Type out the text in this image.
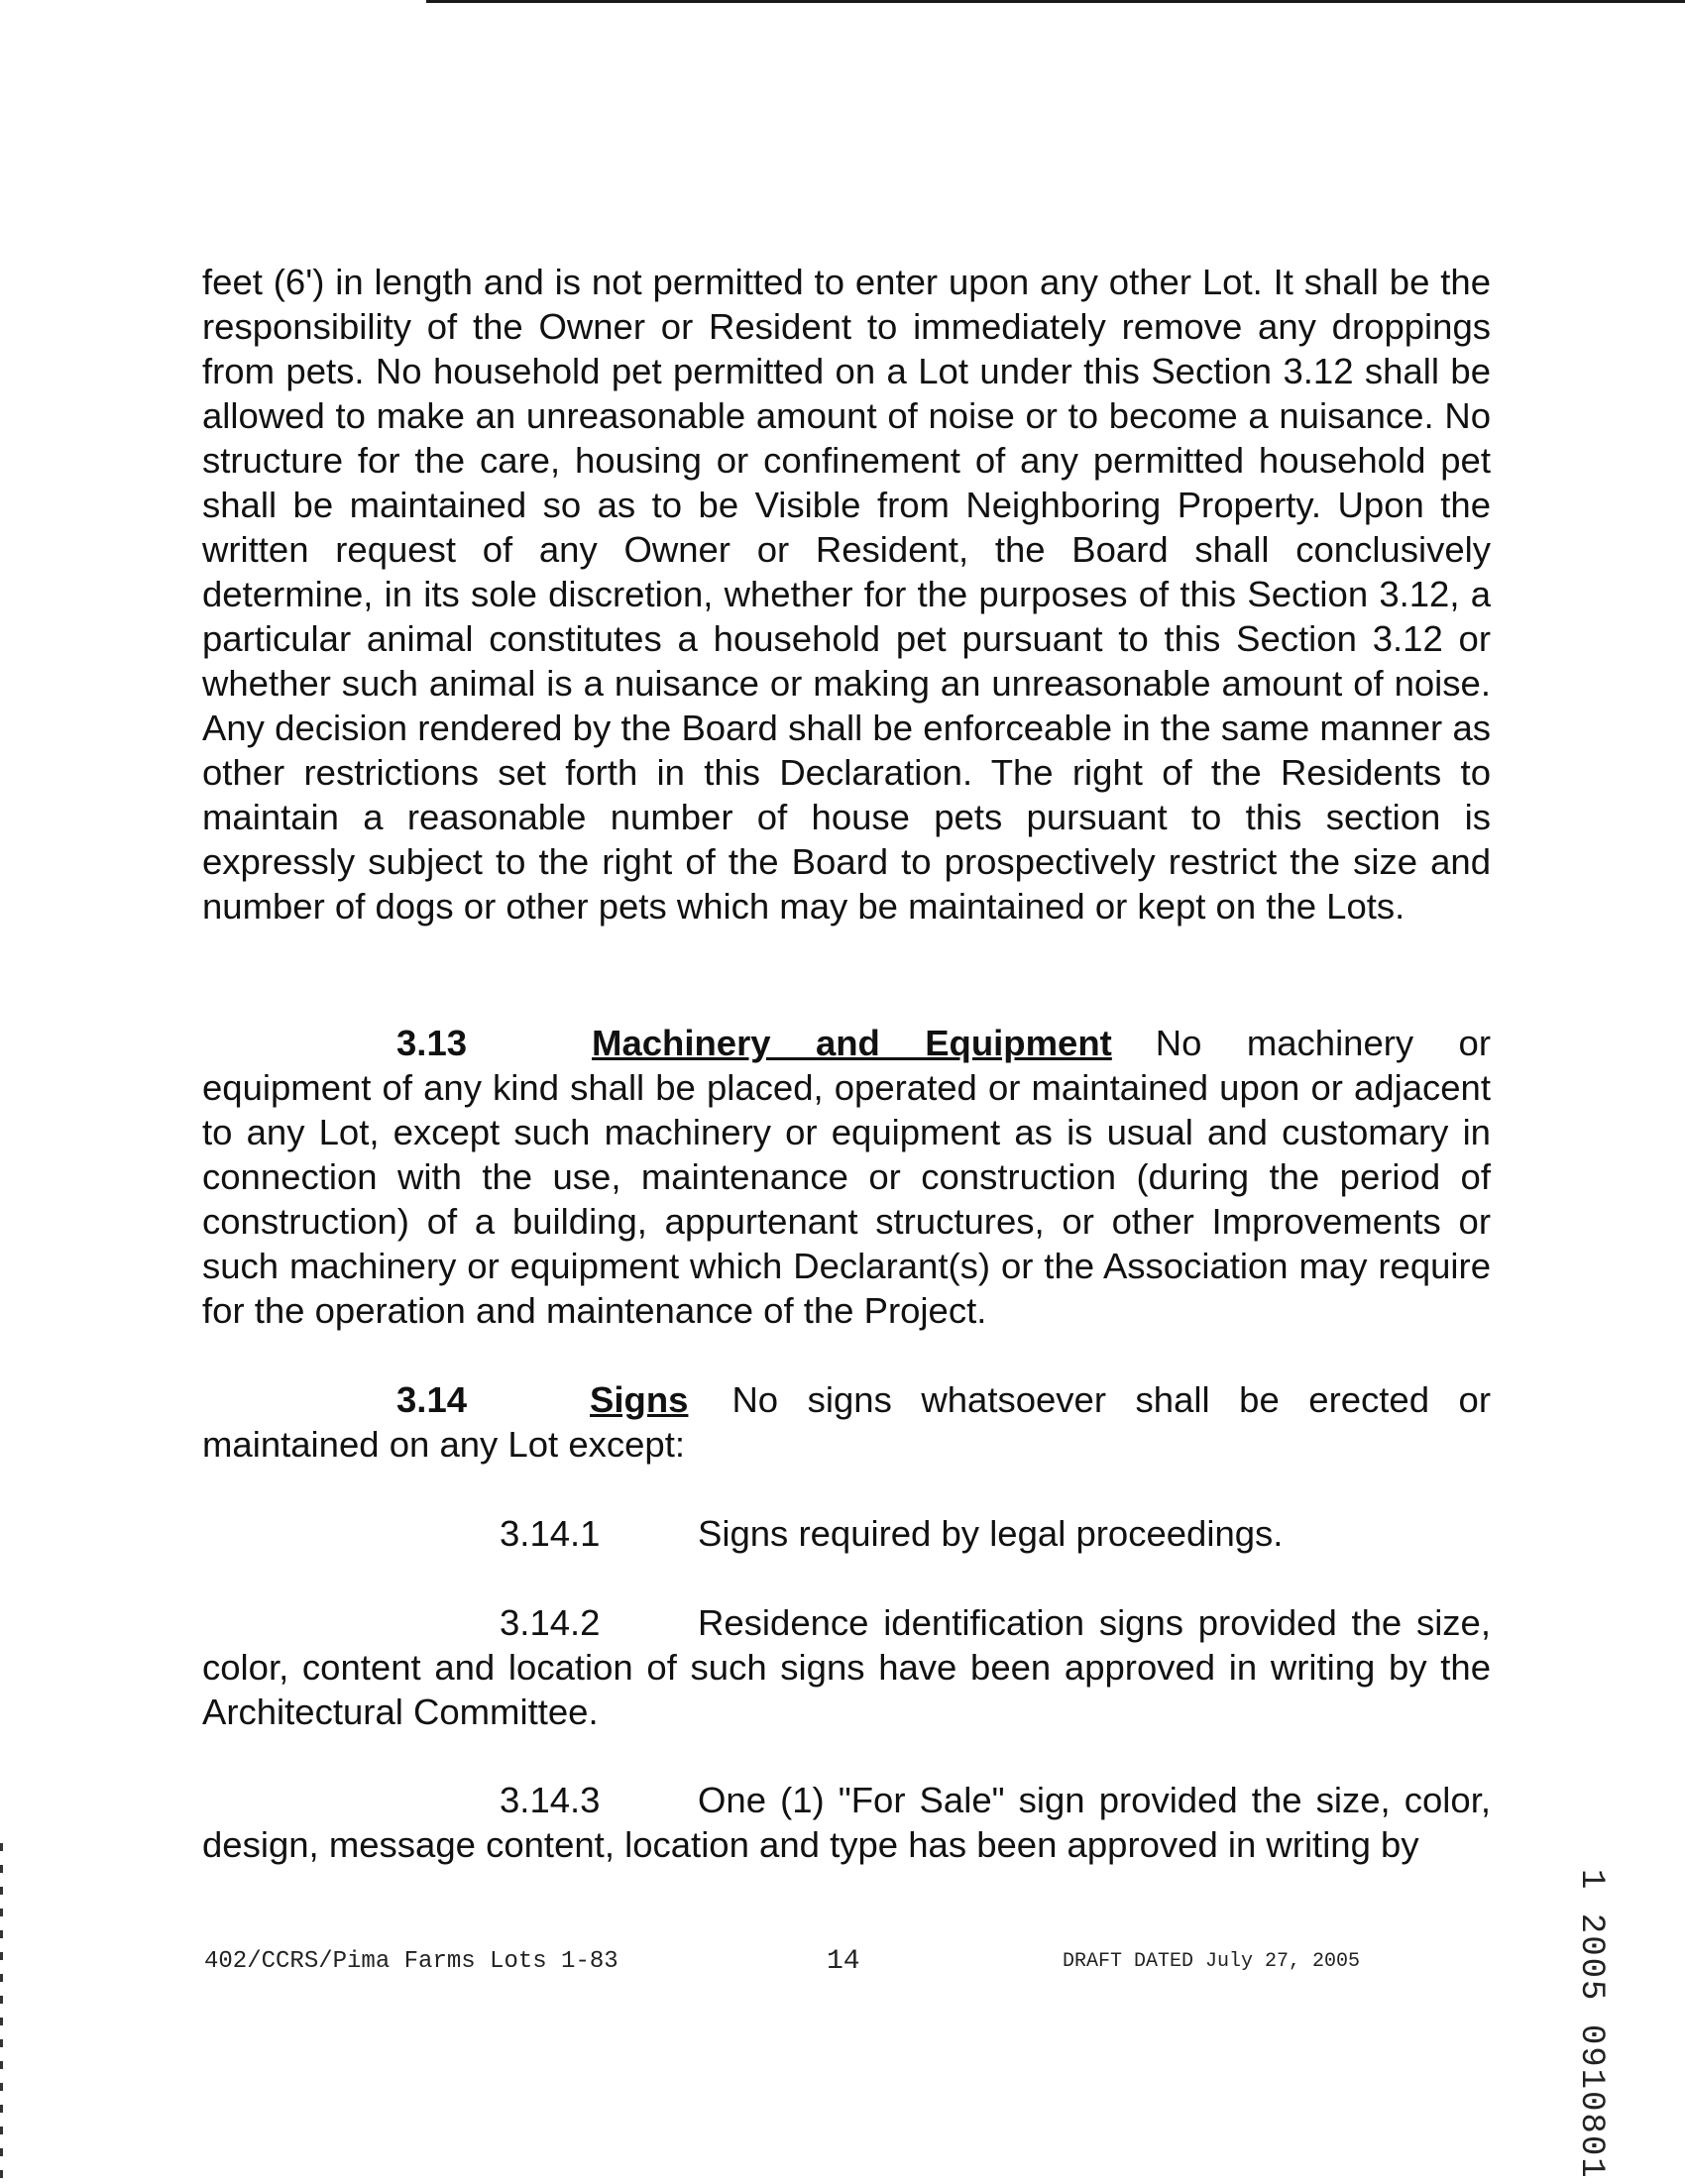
feet (6') in length and is not permitted to enter upon any other Lot. It shall be the responsibility of the Owner or Resident to immediately remove any droppings from pets. No household pet permitted on a Lot under this Section 3.12 shall be allowed to make an unreasonable amount of noise or to become a nuisance. No structure for the care, housing or confinement of any permitted household pet shall be maintained so as to be Visible from Neighboring Property. Upon the written request of any Owner or Resident, the Board shall conclusively determine, in its sole discretion, whether for the purposes of this Section 3.12, a particular animal constitutes a household pet pursuant to this Section 3.12 or whether such animal is a nuisance or making an unreasonable amount of noise. Any decision rendered by the Board shall be enforceable in the same manner as other restrictions set forth in this Declaration. The right of the Residents to maintain a reasonable number of house pets pursuant to this section is expressly subject to the right of the Board to prospectively restrict the size and number of dogs or other pets which may be maintained or kept on the Lots.

3.13	Machinery and Equipment No machinery or equipment of any kind shall be placed, operated or maintained upon or adjacent to any Lot, except such machinery or equipment as is usual and customary in connection with the use, maintenance or construction (during the period of construction) of a building, appurtenant structures, or other Improvements or such machinery or equipment which Declarant(s) or the Association may require for the operation and maintenance of the Project.

3.14	Signs No signs whatsoever shall be erected or maintained on any Lot except:

3.14.1	Signs required by legal proceedings.

3.14.2	Residence identification signs provided the size, color, content and location of such signs have been approved in writing by the Architectural Committee.

3.14.3	One (1) "For Sale" sign provided the size, color, design, message content, location and type has been approved in writing by

1 2005 0910801
402/CCRS/Pima Farms Lots 1-83	14	DRAFT DATED July 27, 2005
